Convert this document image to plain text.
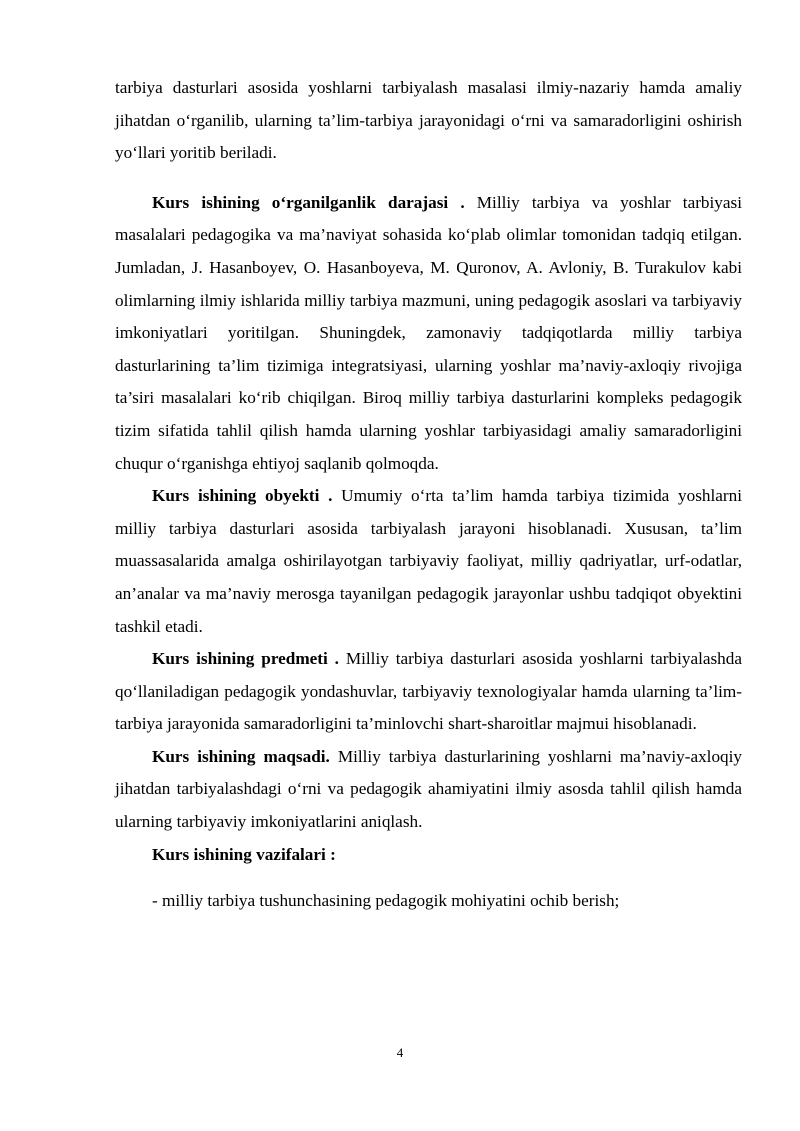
tarbiya dasturlari asosida yoshlarni tarbiyalash masalasi ilmiy-nazariy hamda amaliy jihatdan o‘rganilib, ularning ta’lim-tarbiya jarayonidagi o‘rni va samaradorligini oshirish yo‘llari yoritib beriladi.

Kurs ishining o‘rganilganlik darajasi . Milliy tarbiya va yoshlar tarbiyasi masalalari pedagogika va ma’naviyat sohasida ko‘plab olimlar tomonidan tadqiq etilgan. Jumladan, J. Hasanboyev, O. Hasanboyeva, M. Quronov, A. Avloniy, B. Turakulov kabi olimlarning ilmiy ishlarida milliy tarbiya mazmuni, uning pedagogik asoslari va tarbiyaviy imkoniyatlari yoritilgan. Shuningdek, zamonaviy tadqiqotlarda milliy tarbiya dasturlarining ta’lim tizimiga integratsiyasi, ularning yoshlar ma’naviy-axloqiy rivojiga ta’siri masalalari ko‘rib chiqilgan. Biroq milliy tarbiya dasturlarini kompleks pedagogik tizim sifatida tahlil qilish hamda ularning yoshlar tarbiyasidagi amaliy samaradorligini chuqur o‘rganishga ehtiyoj saqlanib qolmoqda.

Kurs ishining obyekti . Umumiy o‘rta ta’lim hamda tarbiya tizimida yoshlarni milliy tarbiya dasturlari asosida tarbiyalash jarayoni hisoblanadi. Xususan, ta’lim muassasalarida amalga oshirilayotgan tarbiyaviy faoliyat, milliy qadriyatlar, urf-odatlar, an’analar va ma’naviy merosga tayanilgan pedagogik jarayonlar ushbu tadqiqot obyektini tashkil etadi.

Kurs ishining predmeti . Milliy tarbiya dasturlari asosida yoshlarni tarbiyalashda qo‘llaniladigan pedagogik yondashuvlar, tarbiyaviy texnologiyalar hamda ularning ta’lim-tarbiya jarayonida samaradorligini ta’minlovchi shart-sharoitlar majmui hisoblanadi.

Kurs ishining maqsadi. Milliy tarbiya dasturlarining yoshlarni ma’naviy-axloqiy jihatdan tarbiyalashdagi o‘rni va pedagogik ahamiyatini ilmiy asosda tahlil qilish hamda ularning tarbiyaviy imkoniyatlarini aniqlash.

Kurs ishining vazifalari :

- milliy tarbiya tushunchasining pedagogik mohiyatini ochib berish;

4
